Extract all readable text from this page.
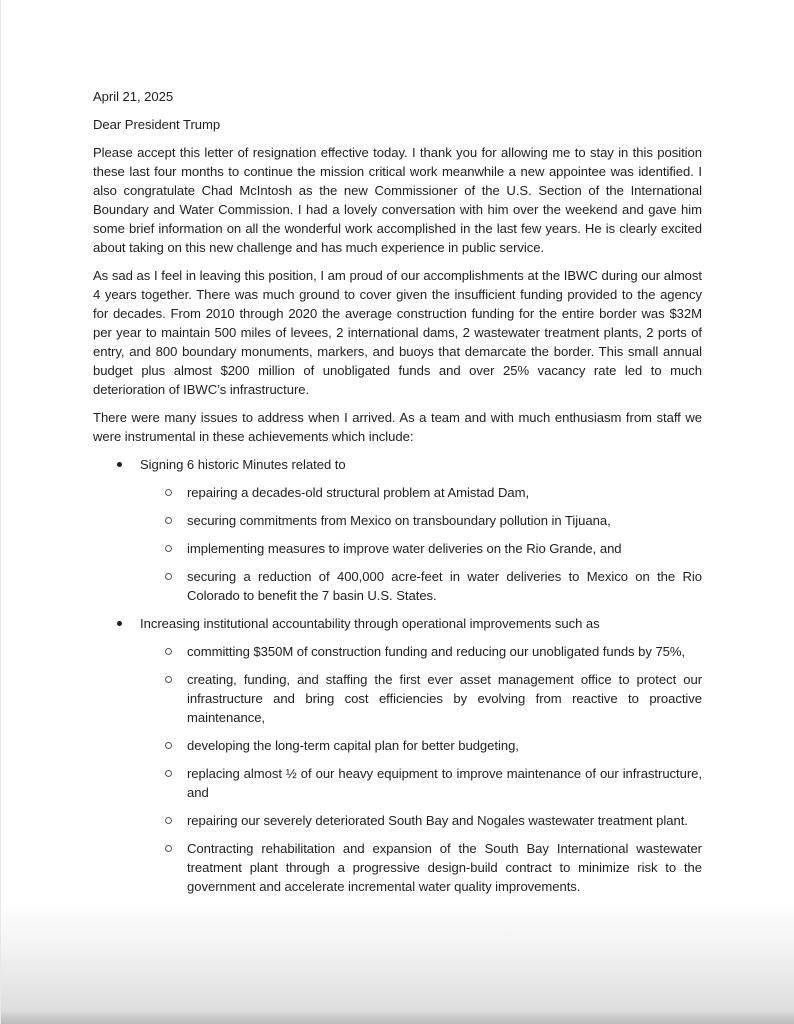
April 21, 2025
Dear President Trump

Please accept this letter of resignation effective today. I thank you for allowing me to stay in this position these last four months to continue the mission critical work meanwhile a new appointee was identified. I also congratulate Chad McIntosh as the new Commissioner of the U.S. Section of the International Boundary and Water Commission. I had a lovely conversation with him over the weekend and gave him some brief information on all the wonderful work accomplished in the last few years. He is clearly excited about taking on this new challenge and has much experience in public service.

As sad as I feel in leaving this position, I am proud of our accomplishments at the IBWC during our almost 4 years together. There was much ground to cover given the insufficient funding provided to the agency for decades. From 2010 through 2020 the average construction funding for the entire border was $32M per year to maintain 500 miles of levees, 2 international dams, 2 wastewater treatment plants, 2 ports of entry, and 800 boundary monuments, markers, and buoys that demarcate the border. This small annual budget plus almost $200 million of unobligated funds and over 25% vacancy rate led to much deterioration of IBWC’s infrastructure.

There were many issues to address when I arrived. As a team and with much enthusiasm from staff we were instrumental in these achievements which include:

Signing 6 historic Minutes related to
repairing a decades-old structural problem at Amistad Dam,
securing commitments from Mexico on transboundary pollution in Tijuana,
implementing measures to improve water deliveries on the Rio Grande, and
securing a reduction of 400,000 acre-feet in water deliveries to Mexico on the Rio Colorado to benefit the 7 basin U.S. States.
Increasing institutional accountability through operational improvements such as
committing $350M of construction funding and reducing our unobligated funds by 75%,
creating, funding, and staffing the first ever asset management office to protect our infrastructure and bring cost efficiencies by evolving from reactive to proactive maintenance,
developing the long-term capital plan for better budgeting,
replacing almost ½ of our heavy equipment to improve maintenance of our infrastructure, and
repairing our severely deteriorated South Bay and Nogales wastewater treatment plant.
Contracting rehabilitation and expansion of the South Bay International wastewater treatment plant through a progressive design-build contract to minimize risk to the government and accelerate incremental water quality improvements.
